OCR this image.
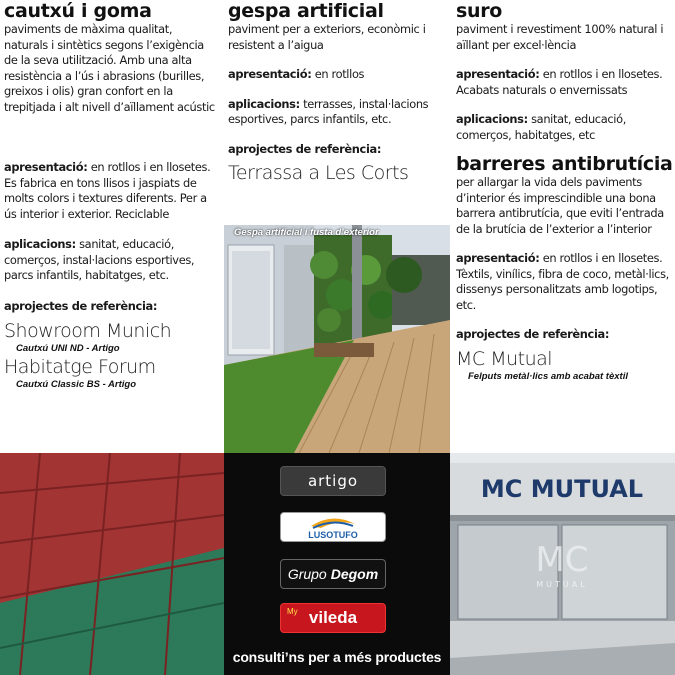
cautxú i goma

paviments de màxima qualitat, naturals i sintètics segons l’exigència de la seva utilització. Amb una alta resistència a l’ús i abrasions (burilles, greixos i olis) gran confort en la trepitjada i alt nivell d’aïllament acústic

apresentació: en rotllos i en llosetes. Es fabrica en tons llisos i jaspiats de molts colors i textures diferents. Per a ús interior i exterior. Reciclable

aplicacions: sanitat, educació, comerços, instal·lacions esportives, parcs infantils, habitatges, etc.

aprojectes de referència:

Showroom Munich
Cautxú UNI ND - Artigo
Habitatge Forum
Cautxú Classic BS - Artigo
gespa artificial

paviment per a exteriors, econòmic i resistent a l’aigua

apresentació: en rotllos

aplicacions: terrasses, instal·lacions esportives, parcs infantils, etc.

aprojectes de referència:

Terrassa a Les Corts
suro

paviment i revestiment 100% natural i aïllant per excel·lència

apresentació: en rotllos i en llosetes. Acabats naturals o envernissats

aplicacions: sanitat, educació, comerços, habitatges, etc

barreres antibrutícia

per allargar la vida dels paviments d’interior és imprescindible una bona barrera antibrutícia, que eviti l’entrada de la brutícia de l’exterior a l’interior

apresentació: en rotllos i en llosetes. Tèxtils, vinílics, fibra de coco, metàl·lics, dissenys personalitzats amb logotips, etc.

aprojectes de referència:

MC Mutual
Felputs metàl·lics amb acabat tèxtil
Gespa artificial i fusta d’exterior
artigo
LUSOTUFO
Grupo Degom
My vileda
consulti’ns per a més productes
MC MUTUAL
MC
MUTUAL
